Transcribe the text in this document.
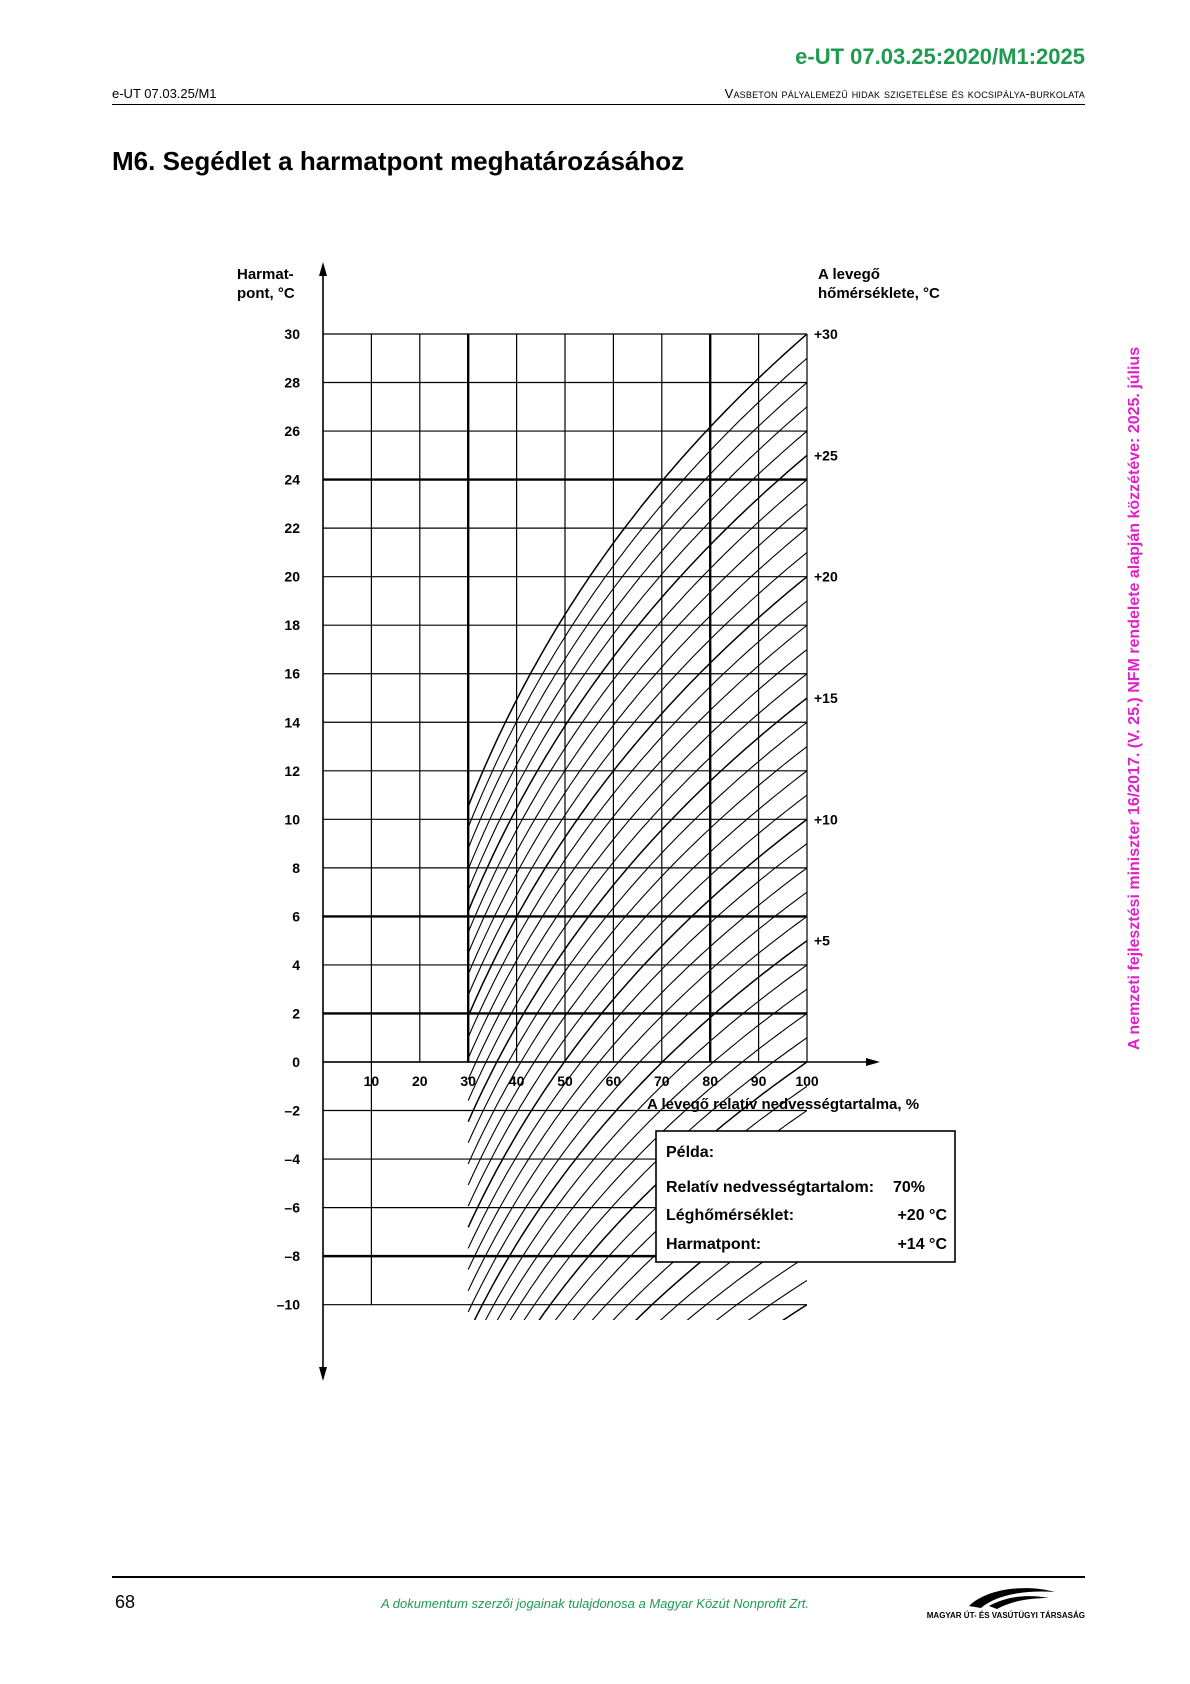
e-UT 07.03.25:2020/M1:2025
e-UT 07.03.25/M1	Vasbeton pályalemezű hidak szigetelése és kocsipálya-burkolata
M6. Segédlet a harmatpont meghatározásához
A nemzeti fejlesztési miniszter 16/2017. (V. 25.) NFM rendelete alapján közzétéve: 2025. július
Harmat-
pont, °C
A levegő
hőmérséklete, °C
A levegő relatív nedvességtartalma, %
30
28
26
24
22
20
18
16
14
12
10
8
6
4
2
0
–2
–4
–6
–8
–10
10 20 30 40 50 60 70 80 90 100
+30
+25
+20
+15
+10
+5
Példa:
Relatív nedvességtartalom: 70%
Léghőmérséklet:	+20 °C
Harmatpont:	+14 °C
68	A dokumentum szerzői jogainak tulajdonosa a Magyar Közút Nonprofit Zrt.
MAGYAR ÚT- ÉS VASÚTÜGYI TÁRSASÁG
